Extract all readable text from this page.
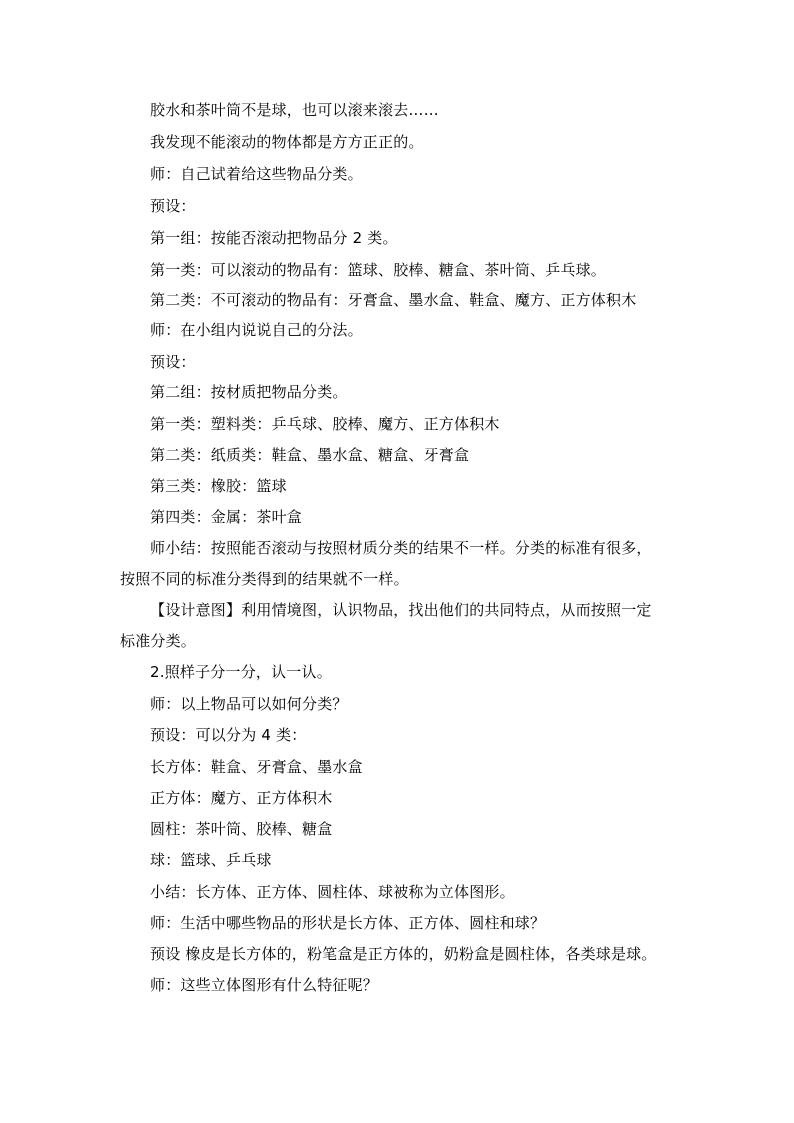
胶水和茶叶筒不是球，也可以滚来滚去……
我发现不能滚动的物体都是方方正正的。
师：自己试着给这些物品分类。
预设：
第一组：按能否滚动把物品分 2 类。
第一类：可以滚动的物品有：篮球、胶棒、糖盒、茶叶筒、乒乓球。
第二类：不可滚动的物品有：牙膏盒、墨水盒、鞋盒、魔方、正方体积木
师：在小组内说说自己的分法。
预设：
第二组：按材质把物品分类。
第一类：塑料类：乒乓球、胶棒、魔方、正方体积木
第二类：纸质类：鞋盒、墨水盒、糖盒、牙膏盒
第三类：橡胶：篮球
第四类：金属：茶叶盒
师小结：按照能否滚动与按照材质分类的结果不一样。分类的标准有很多，
按照不同的标准分类得到的结果就不一样。
【设计意图】利用情境图，认识物品，找出他们的共同特点，从而按照一定
标准分类。
2.照样子分一分，认一认。
师：以上物品可以如何分类？
预设：可以分为 4 类：
长方体：鞋盒、牙膏盒、墨水盒
正方体：魔方、正方体积木
圆柱：茶叶筒、胶棒、糖盒
球：篮球、乒乓球
小结：长方体、正方体、圆柱体、球被称为立体图形。
师：生活中哪些物品的形状是长方体、正方体、圆柱和球？
预设 橡皮是长方体的，粉笔盒是正方体的，奶粉盒是圆柱体，各类球是球。
师：这些立体图形有什么特征呢？
